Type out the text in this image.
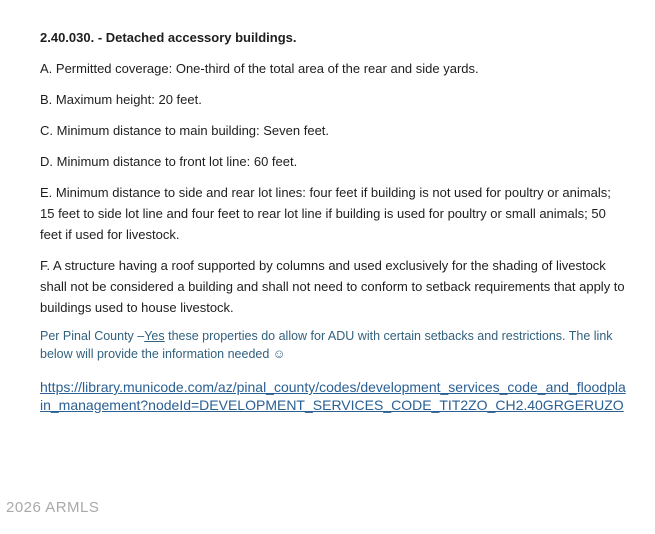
2.40.030. - Detached accessory buildings.
A. Permitted coverage: One-third of the total area of the rear and side yards.
B. Maximum height: 20 feet.
C. Minimum distance to main building: Seven feet.
D. Minimum distance to front lot line: 60 feet.
E. Minimum distance to side and rear lot lines: four feet if building is not used for poultry or animals; 15 feet to side lot line and four feet to rear lot line if building is used for poultry or small animals; 50 feet if used for livestock.
F. A structure having a roof supported by columns and used exclusively for the shading of livestock shall not be considered a building and shall not need to conform to setback requirements that apply to buildings used to house livestock.
Per Pinal County –Yes these properties do allow for ADU with certain setbacks and restrictions. The link below will provide the information needed ☺
https://library.municode.com/az/pinal_county/codes/development_services_code_and_floodplain_management?nodeId=DEVELOPMENT_SERVICES_CODE_TIT2ZO_CH2.40GRGERUZO
2026 ARMLS
